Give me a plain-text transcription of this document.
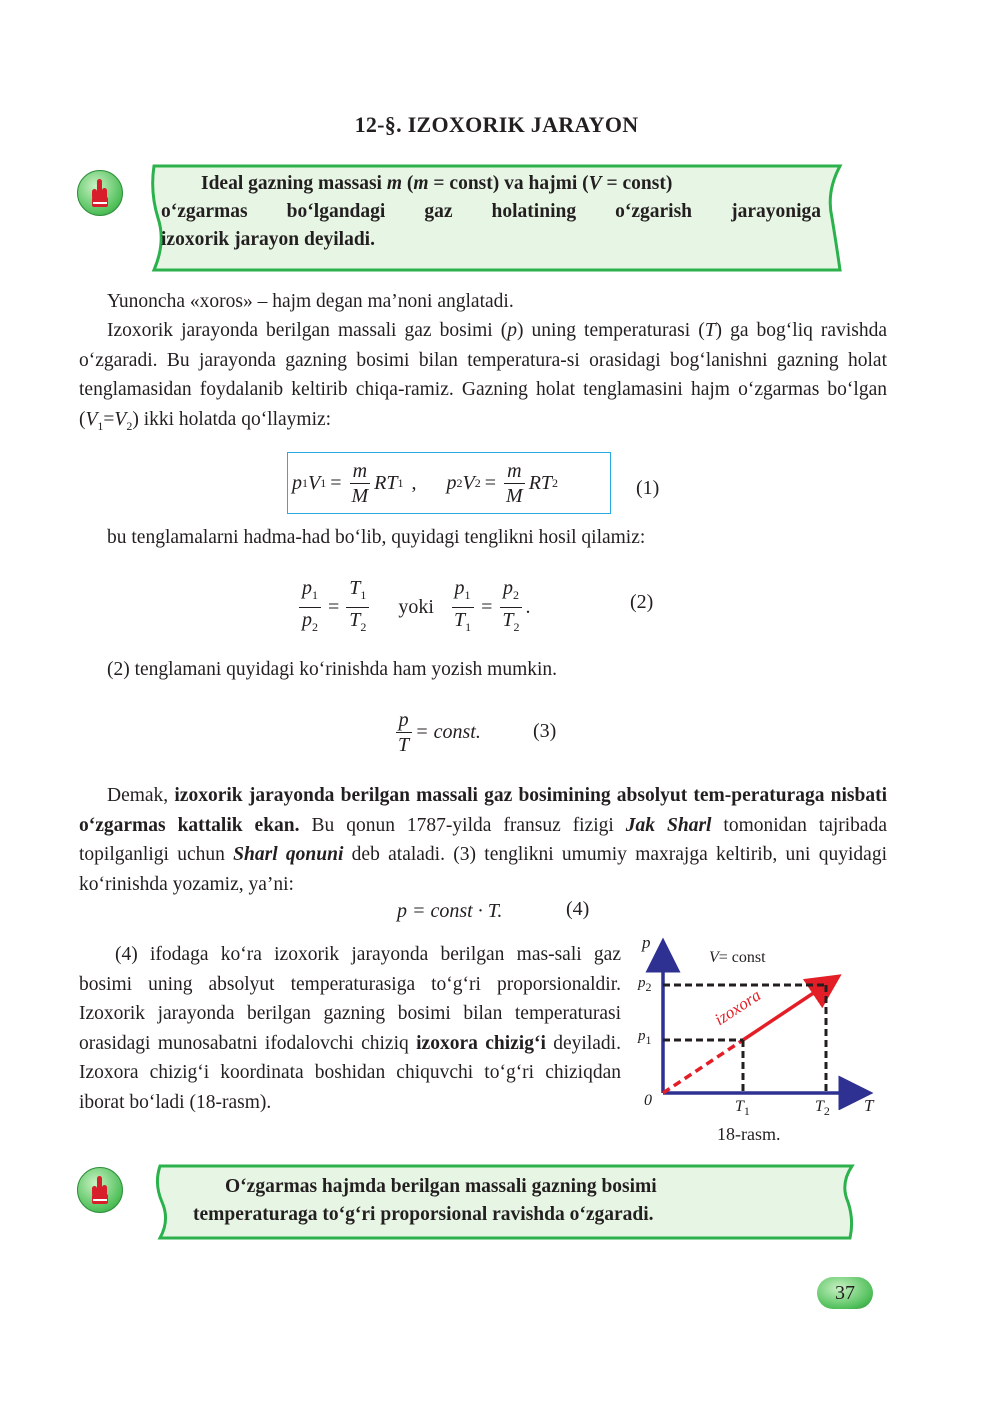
12-§. IZOXORIK JARAYON
Ideal gazning massasi m (m = const) va hajmi (V = const)
o‘zgarmas bo‘lgandagi gaz holatining o‘zgarish jarayoniga
izoxorik jarayon deyiladi.
Yunoncha «xoros» – hajm degan ma’noni anglatadi.
Izoxorik jarayonda berilgan massali gaz bosimi (p) uning temperaturasi (T) ga bog‘liq ravishda o‘zgaradi. Bu jarayonda gazning bosimi bilan temperatura-si orasidagi bog‘lanishni gazning holat tenglamasidan foydalanib keltirib chiqa-ramiz. Gazning holat tenglamasini hajm o‘zgarmas bo‘lgan $(V_1=V_2)$ ikki holatda qo‘llaymiz:
p 1 V $1 = \frac{m}{M}$ R T 1 , p 2 V $2 = \frac{m}{M}$ R T 2	(1)
bu tenglamalarni hadma-had bo‘lib, quyidagi tenglikni hosil qilamiz:
$\frac{p_1}{p_2} = \frac{T_1}{T_2}$ yoki $\frac{p_1}{T_1} = \frac{p_2}{T_2}$ .	(2)
(2) tenglamani quyidagi ko‘rinishda ham yozish mumkin.
$\frac{p}{T}$ = const.	(3)
Demak, izoxorik jarayonda berilgan massali gaz bosimining absolyut tem-peraturaga nisbati o‘zgarmas kattalik ekan. Bu qonun 1787-yilda fransuz fizigi Jak Sharl tomonidan tajribada topilganligi uchun Sharl qonuni deb ataladi. (3) tenglikni umumiy maxrajga keltirib, uni quyidagi ko‘rinishda yozamiz, ya’ni:
p = const · T.	(4)
(4) ifodaga ko‘ra izoxorik jarayonda berilgan mas-sali gaz bosimi uning absolyut temperaturasiga to‘g‘ri proporsionaldir. Izoxorik jarayonda berilgan gazning bosimi bilan temperaturasi orasidagi munosabatni ifodalovchi chiziq izoxora chizig‘i deyiladi. Izoxora chizig‘i koordinata boshidan chiquvchi to‘g‘ri chiziqdan iborat bo‘ladi (18-rasm).
p
V= const
$p_2$	izoxora
$p_1$
0	$T_1$	$T_2$ T
18-rasm.
O‘zgarmas hajmda berilgan massali gazning bosimi
temperaturaga to‘g‘ri proporsional ravishda o‘zgaradi.
37
